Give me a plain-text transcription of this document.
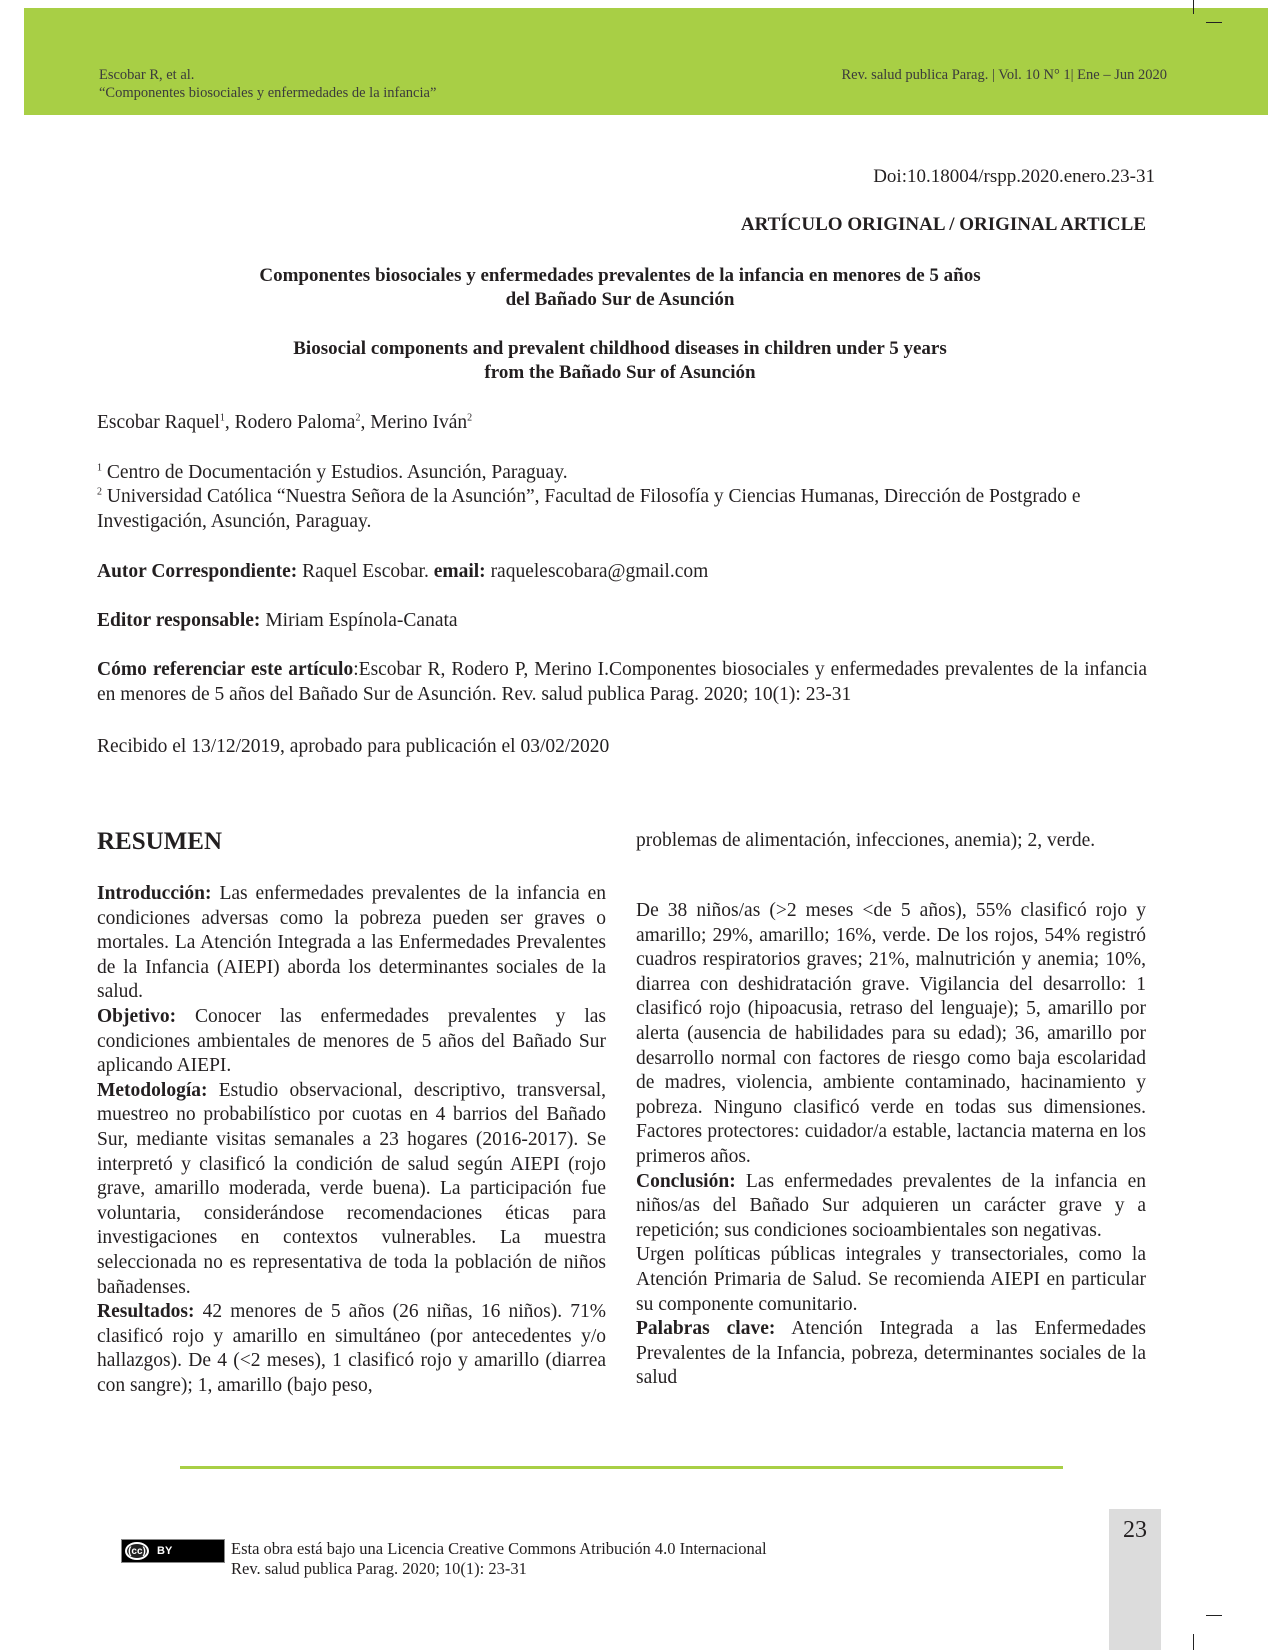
Escobar R, et al.
“Componentes biosociales y enfermedades de la infancia”
Rev. salud publica Parag. | Vol. 10 N° 1| Ene – Jun 2020
Doi:10.18004/rspp.2020.enero.23-31
ARTÍCULO ORIGINAL / ORIGINAL ARTICLE
Componentes biosociales y enfermedades prevalentes de la infancia en menores de 5 años
del Bañado Sur de Asunción
Biosocial components and prevalent childhood diseases in children under 5 years
from the Bañado Sur of Asunción
Escobar Raquel$^1$, Rodero Paloma$^2$, Merino Iván$^2$
$^1$ Centro de Documentación y Estudios. Asunción, Paraguay.
$^2$ Universidad Católica “Nuestra Señora de la Asunción”, Facultad de Filosofía y Ciencias Humanas, Dirección de Postgrado e Investigación, Asunción, Paraguay.
Autor Correspondiente: Raquel Escobar. email: raquelescobara@gmail.com
Editor responsable: Miriam Espínola-Canata
Cómo referenciar este artículo:Escobar R, Rodero P, Merino I.Componentes biosociales y enfermedades prevalentes de la infancia en menores de 5 años del Bañado Sur de Asunción. Rev. salud publica Parag. 2020; 10(1): 23-31
Recibido el 13/12/2019, aprobado para publicación el 03/02/2020
RESUMEN

Introducción: Las enfermedades prevalentes de la infancia en condiciones adversas como la pobreza pueden ser graves o mortales. La Atención Integrada a las Enfermedades Prevalentes de la Infancia (AIEPI) aborda los determinantes sociales de la salud.

Objetivo: Conocer las enfermedades prevalentes y las condiciones ambientales de menores de 5 años del Bañado Sur aplicando AIEPI.

Metodología: Estudio observacional, descriptivo, transversal, muestreo no probabilístico por cuotas en 4 barrios del Bañado Sur, mediante visitas semanales a 23 hogares (2016-2017). Se interpretó y clasificó la condición de salud según AIEPI (rojo grave, amarillo moderada, verde buena). La participación fue voluntaria, considerándose recomendaciones éticas para investigaciones en contextos vulnerables. La muestra seleccionada no es representativa de toda la población de niños bañadenses.

Resultados: 42 menores de 5 años (26 niñas, 16 niños). 71% clasificó rojo y amarillo en simultáneo (por antecedentes y/o hallazgos). De 4 (<2 meses), 1 clasificó rojo y amarillo (diarrea con sangre); 1, amarillo (bajo peso,

problemas de alimentación, infecciones, anemia); 2, verde.

De 38 niños/as (>2 meses <de 5 años), 55% clasificó rojo y amarillo; 29%, amarillo; 16%, verde. De los rojos, 54% registró cuadros respiratorios graves; 21%, malnutrición y anemia; 10%, diarrea con deshidratación grave. Vigilancia del desarrollo: 1 clasificó rojo (hipoacusia, retraso del lenguaje); 5, amarillo por alerta (ausencia de habilidades para su edad); 36, amarillo por desarrollo normal con factores de riesgo como baja escolaridad de madres, violencia, ambiente contaminado, hacinamiento y pobreza. Ninguno clasificó verde en todas sus dimensiones. Factores protectores: cuidador/a estable, lactancia materna en los primeros años.

Conclusión: Las enfermedades prevalentes de la infancia en niños/as del Bañado Sur adquieren un carácter grave y a repetición; sus condiciones socioambientales son negativas.

Urgen políticas públicas integrales y transectoriales, como la Atención Primaria de Salud. Se recomienda AIEPI en particular su componente comunitario.

Palabras clave: Atención Integrada a las Enfermedades Prevalentes de la Infancia, pobreza, determinantes sociales de la salud

(cc) BY	Esta obra está bajo una Licencia Creative Commons Atribución 4.0 Internacional
Rev. salud publica Parag. 2020; 10(1): 23-31
23
